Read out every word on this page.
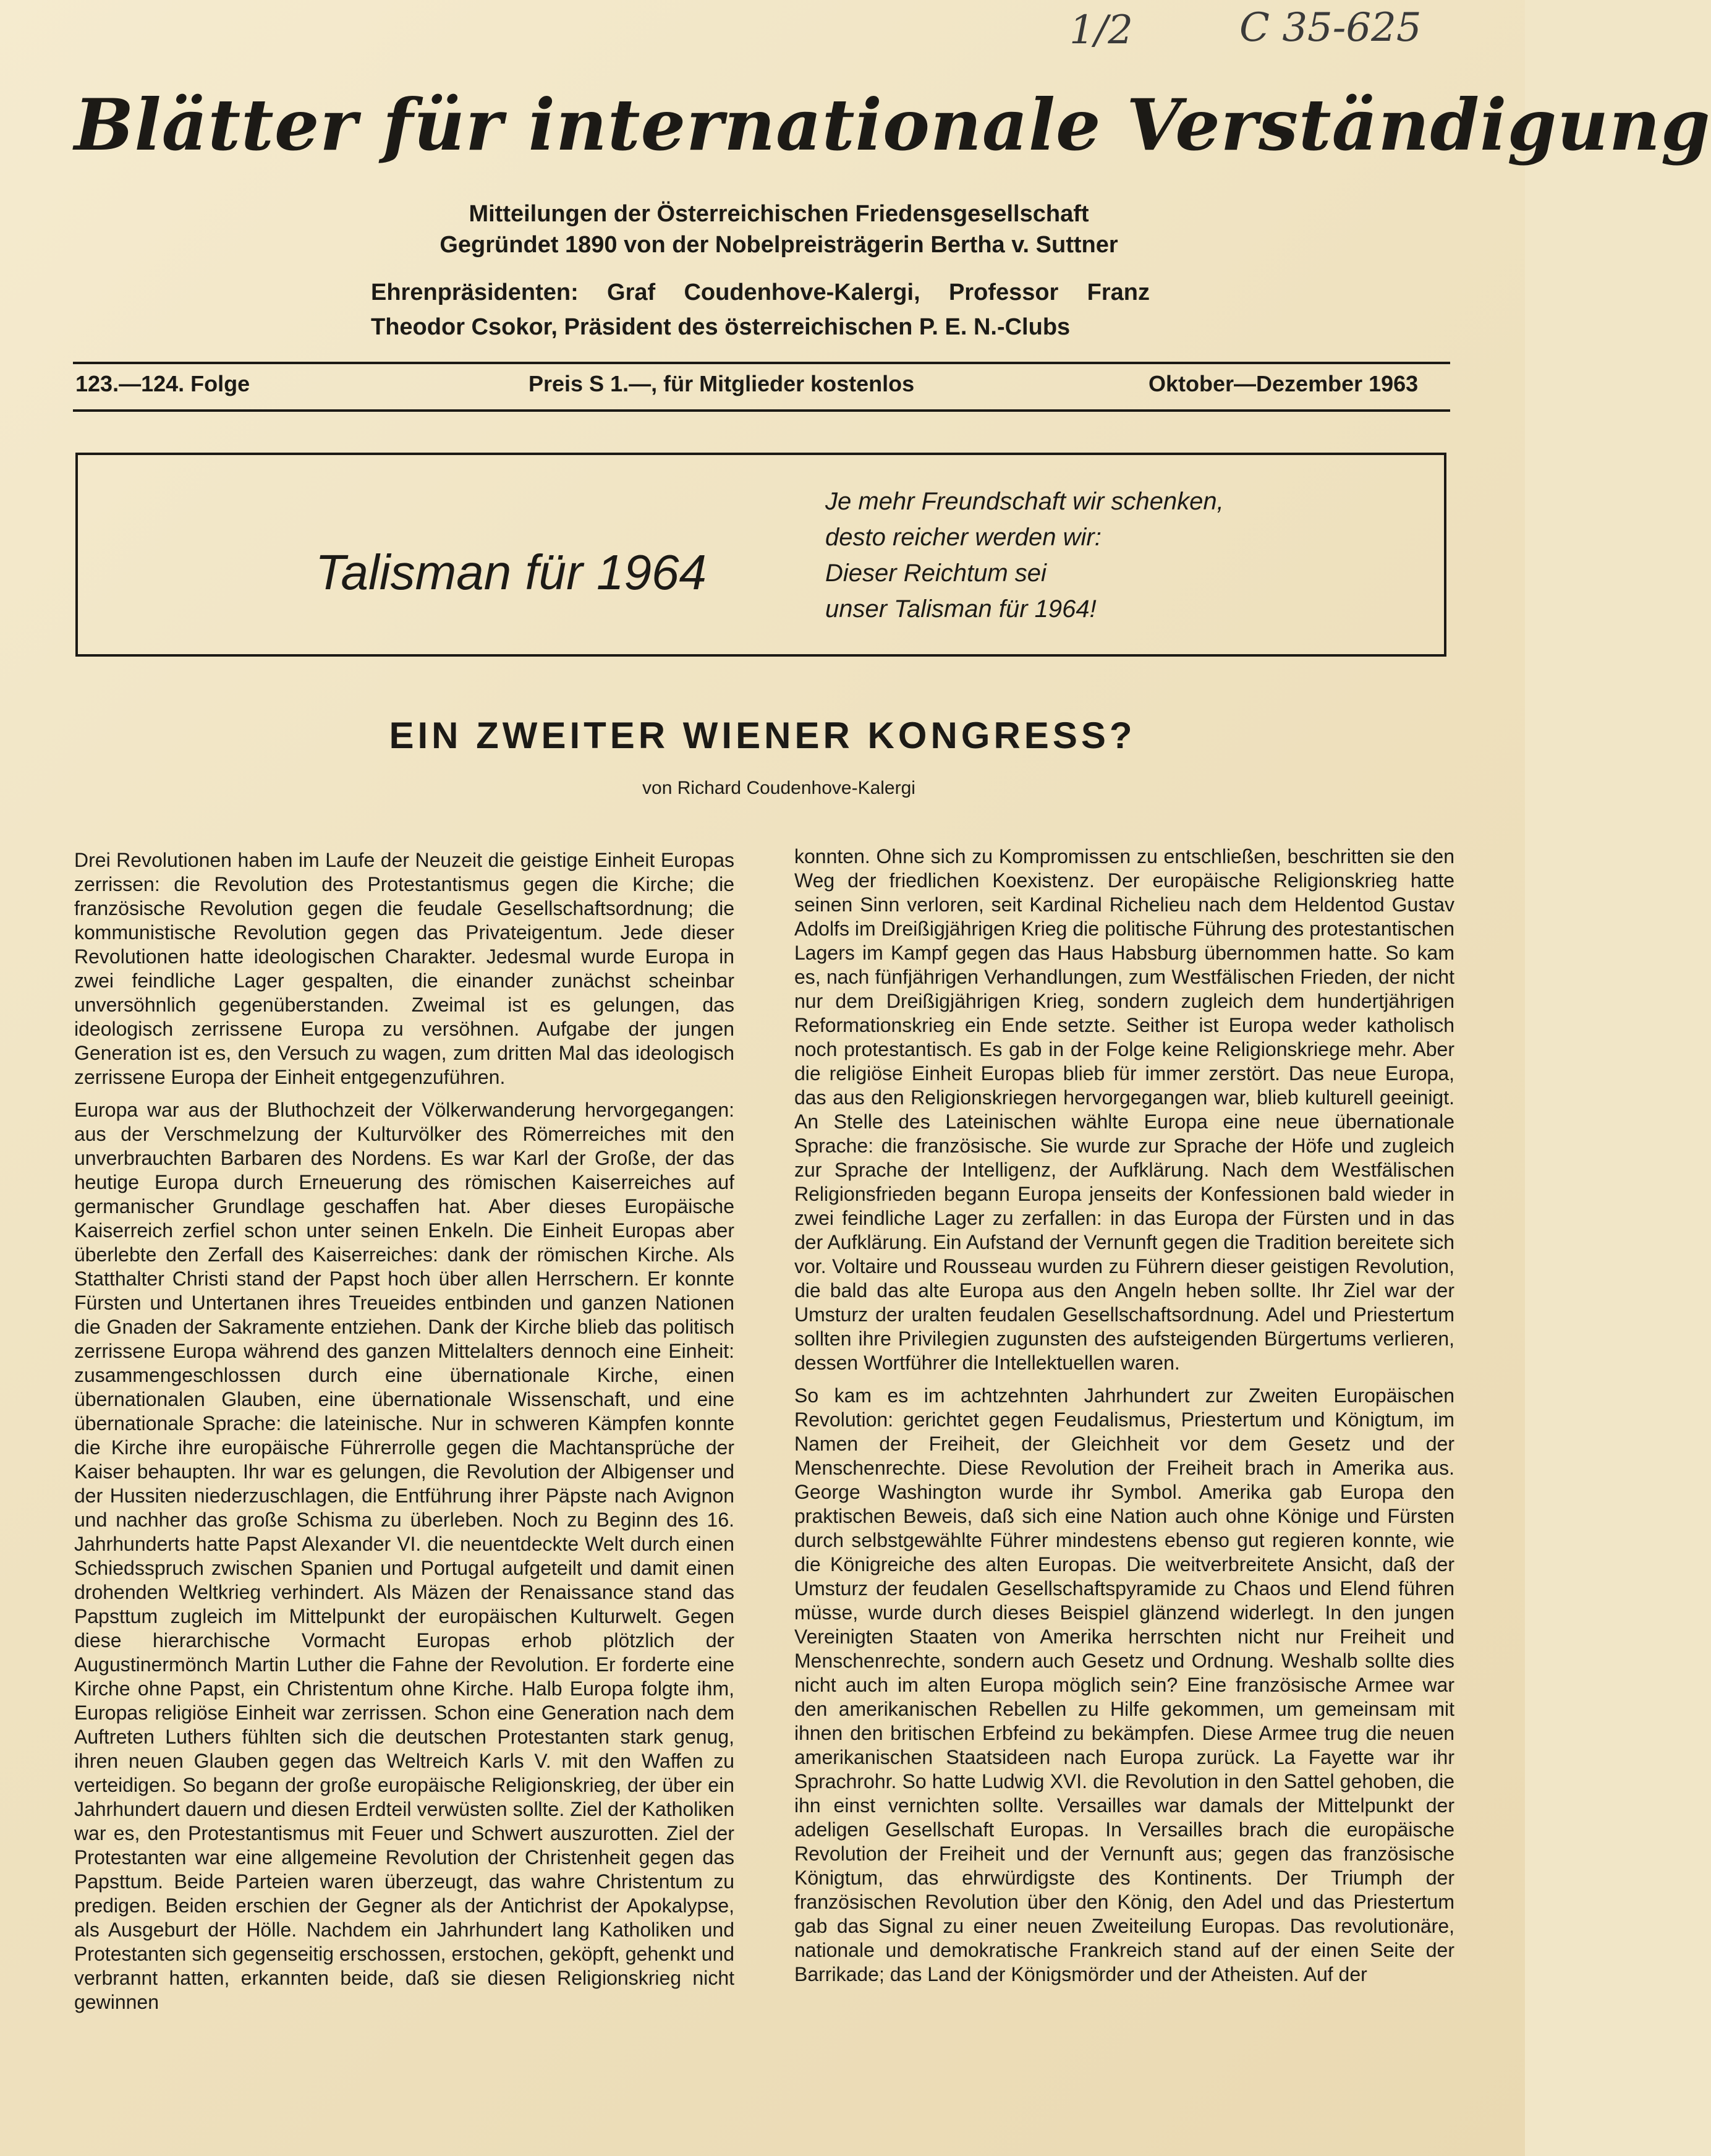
1/2	C 35-625
Blätter für internationale Verständigung
Mitteilungen der Österreichischen Friedensgesellschaft
Gegründet 1890 von der Nobelpreisträgerin Bertha v. Suttner
Ehrenpräsidenten: Graf Coudenhove-Kalergi, Professor Franz Theodor Csokor, Präsident des österreichischen P. E. N.-Clubs
123.—124. Folge	Preis S 1.—, für Mitglieder kostenlos	Oktober—Dezember 1963
Talisman für 1964
Je mehr Freundschaft wir schenken,
desto reicher werden wir:
Dieser Reichtum sei
unser Talisman für 1964!
EIN ZWEITER WIENER KONGRESS?
von Richard Coudenhove-Kalergi

Drei Revolutionen haben im Laufe der Neuzeit die geistige Einheit Europas zerrissen: die Revolution des Protestantismus gegen die Kirche; die französische Revolution gegen die feudale Gesellschaftsordnung; die kommunistische Revolution gegen das Privateigentum. Jede dieser Revolutionen hatte ideologischen Charakter. Jedesmal wurde Europa in zwei feindliche Lager gespalten, die einander zunächst scheinbar unversöhnlich gegenüberstanden. Zweimal ist es gelungen, das ideologisch zerrissene Europa zu versöhnen. Aufgabe der jungen Generation ist es, den Versuch zu wagen, zum dritten Mal das ideologisch zerrissene Europa der Einheit entgegenzuführen.

Europa war aus der Bluthochzeit der Völkerwanderung hervorgegangen: aus der Verschmelzung der Kulturvölker des Römerreiches mit den unverbrauchten Barbaren des Nordens. Es war Karl der Große, der das heutige Europa durch Erneuerung des römischen Kaiserreiches auf germanischer Grundlage geschaffen hat. Aber dieses Europäische Kaiserreich zerfiel schon unter seinen Enkeln. Die Einheit Europas aber überlebte den Zerfall des Kaiserreiches: dank der römischen Kirche. Als Statthalter Christi stand der Papst hoch über allen Herrschern. Er konnte Fürsten und Untertanen ihres Treueides entbinden und ganzen Nationen die Gnaden der Sakramente entziehen. Dank der Kirche blieb das politisch zerrissene Europa während des ganzen Mittelalters dennoch eine Einheit: zusammengeschlossen durch eine übernationale Kirche, einen übernationalen Glauben, eine übernationale Wissenschaft, und eine übernationale Sprache: die lateinische. Nur in schweren Kämpfen konnte die Kirche ihre europäische Führerrolle gegen die Machtansprüche der Kaiser behaupten. Ihr war es gelungen, die Revolution der Albigenser und der Hussiten niederzuschlagen, die Entführung ihrer Päpste nach Avignon und nachher das große Schisma zu überleben. Noch zu Beginn des 16. Jahrhunderts hatte Papst Alexander VI. die neuentdeckte Welt durch einen Schiedsspruch zwischen Spanien und Portugal aufgeteilt und damit einen drohenden Weltkrieg verhindert. Als Mäzen der Renaissance stand das Papsttum zugleich im Mittelpunkt der europäischen Kulturwelt. Gegen diese hierarchische Vormacht Europas erhob plötzlich der Augustinermönch Martin Luther die Fahne der Revolution. Er forderte eine Kirche ohne Papst, ein Christentum ohne Kirche. Halb Europa folgte ihm, Europas religiöse Einheit war zerrissen. Schon eine Generation nach dem Auftreten Luthers fühlten sich die deutschen Protestanten stark genug, ihren neuen Glauben gegen das Weltreich Karls V. mit den Waffen zu verteidigen. So begann der große europäische Religionskrieg, der über ein Jahrhundert dauern und diesen Erdteil verwüsten sollte. Ziel der Katholiken war es, den Protestantismus mit Feuer und Schwert auszurotten. Ziel der Protestanten war eine allgemeine Revolution der Christenheit gegen das Papsttum. Beide Parteien waren überzeugt, das wahre Christentum zu predigen. Beiden erschien der Gegner als der Antichrist der Apokalypse, als Ausgeburt der Hölle. Nachdem ein Jahrhundert lang Katholiken und Protestanten sich gegenseitig erschossen, erstochen, geköpft, gehenkt und verbrannt hatten, erkannten beide, daß sie diesen Religionskrieg nicht gewinnen

konnten. Ohne sich zu Kompromissen zu entschließen, beschritten sie den Weg der friedlichen Koexistenz. Der europäische Religionskrieg hatte seinen Sinn verloren, seit Kardinal Richelieu nach dem Heldentod Gustav Adolfs im Dreißigjährigen Krieg die politische Führung des protestantischen Lagers im Kampf gegen das Haus Habsburg übernommen hatte. So kam es, nach fünfjährigen Verhandlungen, zum Westfälischen Frieden, der nicht nur dem Dreißigjährigen Krieg, sondern zugleich dem hundertjährigen Reformationskrieg ein Ende setzte. Seither ist Europa weder katholisch noch protestantisch. Es gab in der Folge keine Religionskriege mehr. Aber die religiöse Einheit Europas blieb für immer zerstört. Das neue Europa, das aus den Religionskriegen hervorgegangen war, blieb kulturell geeinigt. An Stelle des Lateinischen wählte Europa eine neue übernationale Sprache: die französische. Sie wurde zur Sprache der Höfe und zugleich zur Sprache der Intelligenz, der Aufklärung. Nach dem Westfälischen Religionsfrieden begann Europa jenseits der Konfessionen bald wieder in zwei feindliche Lager zu zerfallen: in das Europa der Fürsten und in das der Aufklärung. Ein Aufstand der Vernunft gegen die Tradition bereitete sich vor. Voltaire und Rousseau wurden zu Führern dieser geistigen Revolution, die bald das alte Europa aus den Angeln heben sollte. Ihr Ziel war der Umsturz der uralten feudalen Gesellschaftsordnung. Adel und Priestertum sollten ihre Privilegien zugunsten des aufsteigenden Bürgertums verlieren, dessen Wortführer die Intellektuellen waren.

So kam es im achtzehnten Jahrhundert zur Zweiten Europäischen Revolution: gerichtet gegen Feudalismus, Priestertum und Königtum, im Namen der Freiheit, der Gleichheit vor dem Gesetz und der Menschenrechte. Diese Revolution der Freiheit brach in Amerika aus. George Washington wurde ihr Symbol. Amerika gab Europa den praktischen Beweis, daß sich eine Nation auch ohne Könige und Fürsten durch selbstgewählte Führer mindestens ebenso gut regieren konnte, wie die Königreiche des alten Europas. Die weitverbreitete Ansicht, daß der Umsturz der feudalen Gesellschaftspyramide zu Chaos und Elend führen müsse, wurde durch dieses Beispiel glänzend widerlegt. In den jungen Vereinigten Staaten von Amerika herrschten nicht nur Freiheit und Menschenrechte, sondern auch Gesetz und Ordnung. Weshalb sollte dies nicht auch im alten Europa möglich sein? Eine französische Armee war den amerikanischen Rebellen zu Hilfe gekommen, um gemeinsam mit ihnen den britischen Erbfeind zu bekämpfen. Diese Armee trug die neuen amerikanischen Staatsideen nach Europa zurück. La Fayette war ihr Sprachrohr. So hatte Ludwig XVI. die Revolution in den Sattel gehoben, die ihn einst vernichten sollte. Versailles war damals der Mittelpunkt der adeligen Gesellschaft Europas. In Versailles brach die europäische Revolution der Freiheit und der Vernunft aus; gegen das französische Königtum, das ehrwürdigste des Kontinents. Der Triumph der französischen Revolution über den König, den Adel und das Priestertum gab das Signal zu einer neuen Zweiteilung Europas. Das revolutionäre, nationale und demokratische Frankreich stand auf der einen Seite der Barrikade; das Land der Königsmörder und der Atheisten. Auf der
